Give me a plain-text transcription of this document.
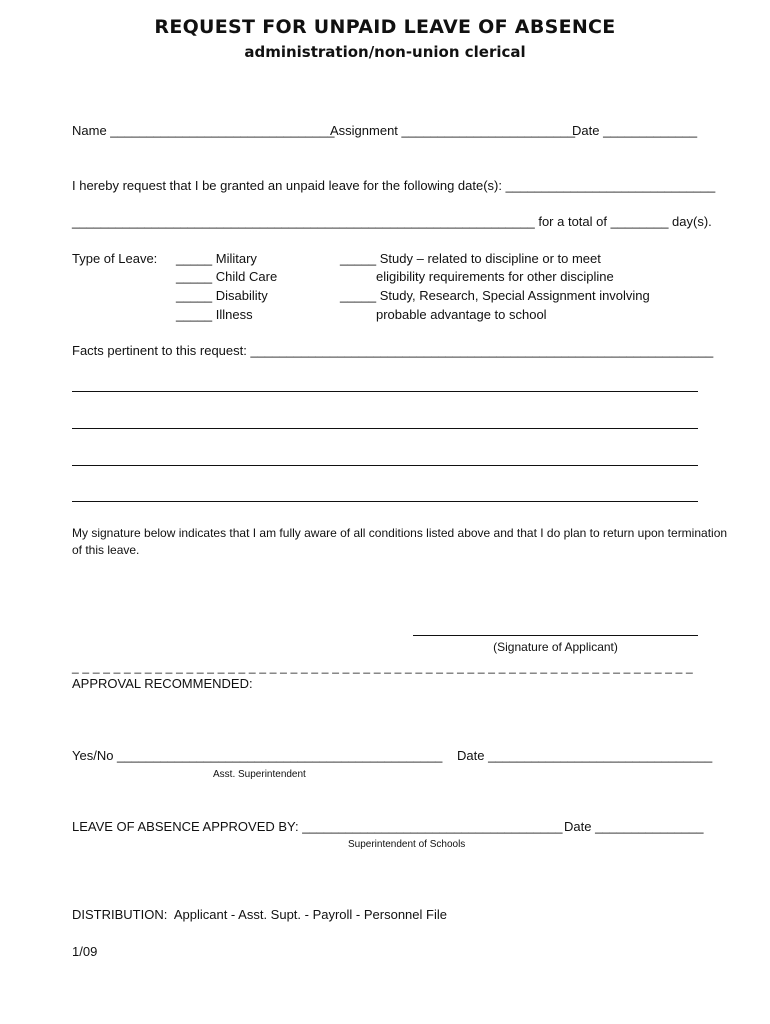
REQUEST FOR UNPAID LEAVE OF ABSENCE
administration/non-union clerical
Name _______________________________
Assignment ________________________
Date _____________
I hereby request that I be granted an unpaid leave for the following date(s): _____________________________
________________________________________________________________ for a total of ________ day(s).
Type of Leave: _____ Military
_____ Child Care
_____ Disability
_____ Illness
_____ Study – related to discipline or to meet
eligibility requirements for other discipline
_____ Study, Research, Special Assignment involving
probable advantage to school
Facts pertinent to this request: ________________________________________________________________
My signature below indicates that I am fully aware of all conditions listed above and that I do plan to return upon termination
of this leave.
(Signature of Applicant)
_ _ _ _ _ _ _ _ _ _ _ _ _ _ _ _ _ _ _ _ _ _ _ _ _ _ _ _ _ _ _ _ _ _ _ _ _ _ _ _ _ _ _ _ _ _ _ _ _ _ _ _ _ _ _ _ _ _ _ _
APPROVAL RECOMMENDED:
Yes/No _____________________________________________ Date _______________________________
Asst. Superintendent
LEAVE OF ABSENCE APPROVED BY: ____________________________________ Date _______________
Superintendent of Schools
DISTRIBUTION:  Applicant - Asst. Supt. - Payroll - Personnel File
1/09
